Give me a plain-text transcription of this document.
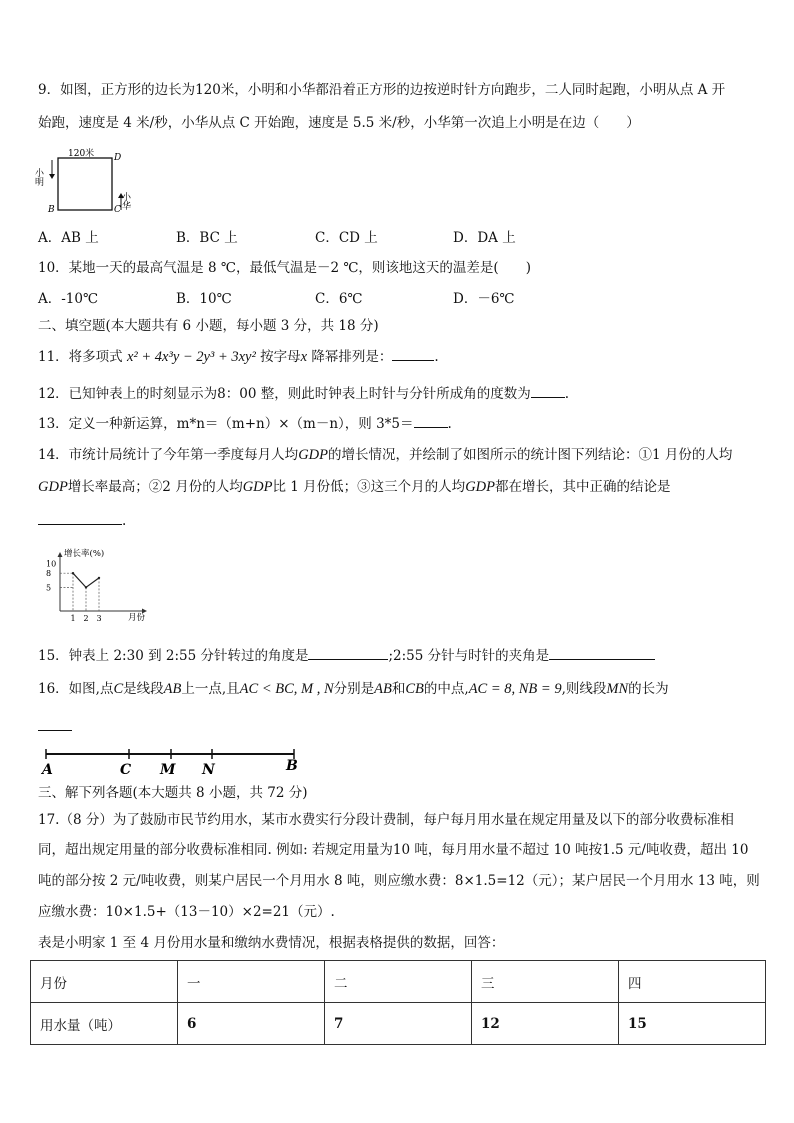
9．如图，正方形的边长为120米，小明和小华都沿着正方形的边按逆时针方向跑步，二人同时起跑，小明从点 A 开
始跑，速度是 4 米/秒，小华从点 C 开始跑，速度是 5.5 米/秒，小华第一次追上小明是在边（　　）
120米 D
B	C
小明
小华
A．AB 上	B．BC 上	C．CD 上	D．DA 上
10．某地一天的最高气温是 8 ℃，最低气温是－2 ℃，则该地这天的温差是(　　)
A．-10℃	B．10℃	C．6℃	D．－6℃
二、填空题(本大题共有 6 小题，每小题 3 分，共 18 分)
11．将多项式 x² + 4x³y − 2y³ + 3xy² 按字母x 降幂排列是：	.
12．已知钟表上的时刻显示为8：00 整，则此时钟表上时针与分针所成角的度数为	.
13．定义一种新运算，m*n＝（m+n）×（m－n），则 3*5＝	.
14．市统计局统计了今年第一季度每月人均GDP的增长情况，并绘制了如图所示的统计图下列结论：①1 月份的人均
GDP增长率最高；②2 月份的人均GDP比 1 月份低；③这三个月的人均GDP都在增长，其中正确的结论是
.
增长率(%)
月份
10
8
5
1 2 3
15．钟表上 2:30 到 2:55 分针转过的角度是	;2:55 分针与时针的夹角是
16．如图,点C是线段AB上一点,且AC < BC, M , N分别是AB和CB的中点,AC = 8, NB = 9,则线段MN的长为
A	C M N	B
三、解下列各题(本大题共 8 小题，共 72 分)
17.（8 分）为了鼓励市民节约用水，某市水费实行分段计费制，每户每月用水量在规定用量及以下的部分收费标准相
同，超出规定用量的部分收费标准相同. 例如: 若规定用量为10 吨，每月用水量不超过 10 吨按1.5 元/吨收费，超出 10
吨的部分按 2 元/吨收费，则某户居民一个月用水 8 吨，则应缴水费：8×1.5=12（元）；某户居民一个月用水 13 吨，则
应缴水费：10×1.5+（13－10）×2=21（元）.
表是小明家 1 至 4 月份用水量和缴纳水费情况，根据表格提供的数据，回答：
月份	一	二	三	四
用水量（吨）	6	7	12	15
